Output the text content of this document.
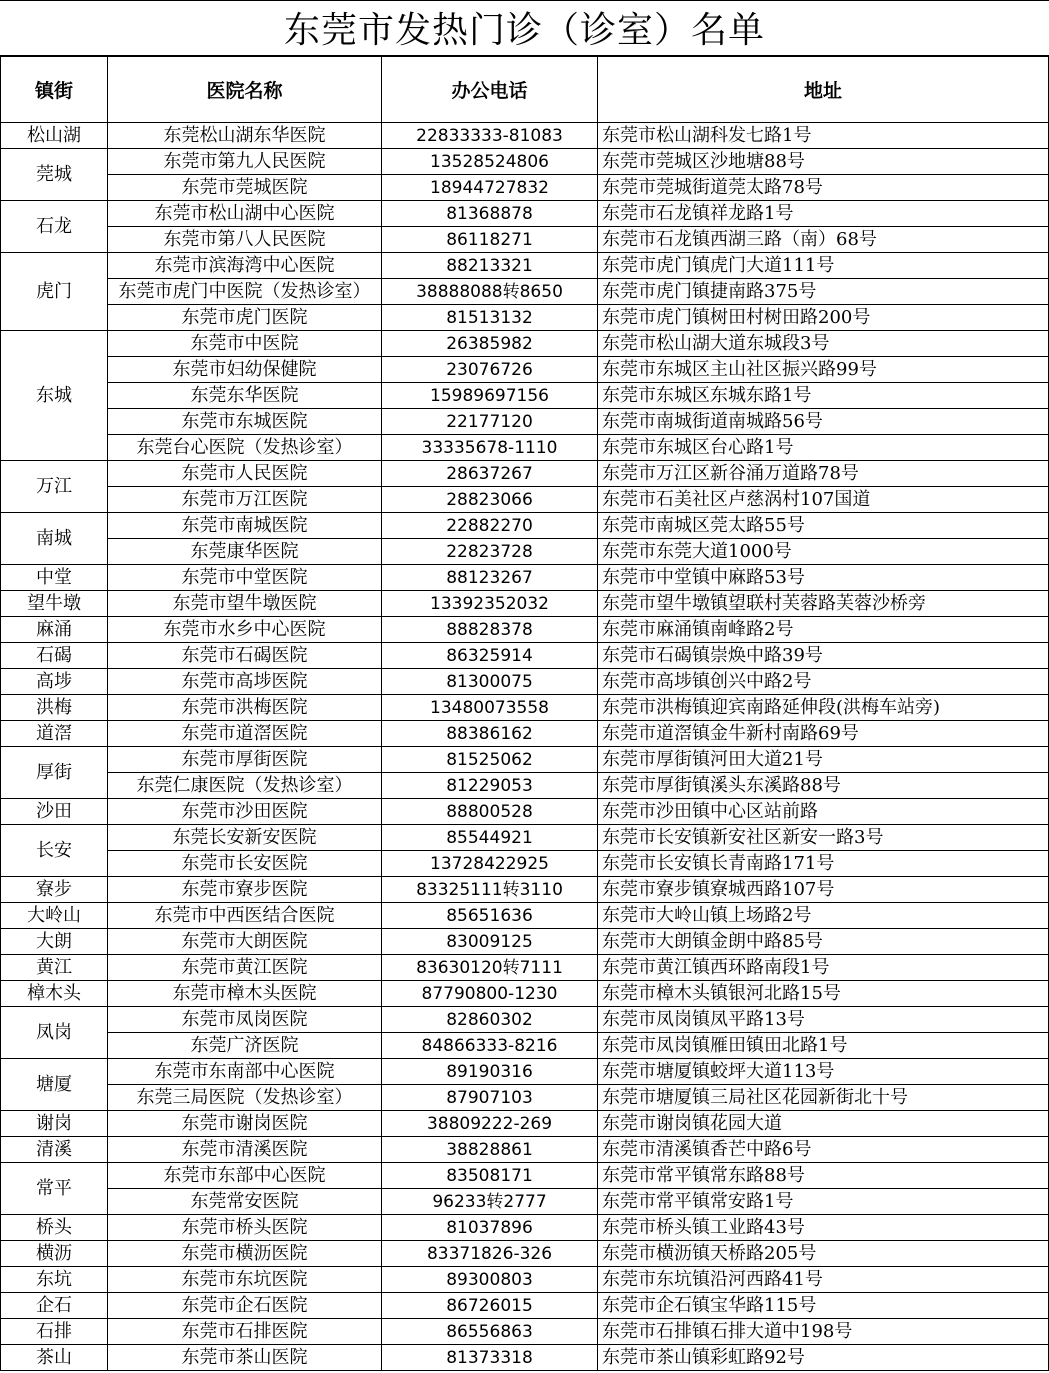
东莞市发热门诊（诊室）名单
镇街	医院名称	办公电话	地址
松山湖	东莞松山湖东华医院	22833333-81083	东莞市松山湖科发七路1号
莞城	东莞市第九人民医院	13528524806	东莞市莞城区沙地塘88号
	东莞市莞城医院	18944727832	东莞市莞城街道莞太路78号
石龙	东莞市松山湖中心医院	81368878	东莞市石龙镇祥龙路1号
	东莞市第八人民医院	86118271	东莞市石龙镇西湖三路（南）68号
虎门	东莞市滨海湾中心医院	88213321	东莞市虎门镇虎门大道111号
	东莞市虎门中医院（发热诊室）	38888088转8650	东莞市虎门镇捷南路375号
	东莞市虎门医院	81513132	东莞市虎门镇树田村树田路200号
东城	东莞市中医院	26385982	东莞市松山湖大道东城段3号
	东莞市妇幼保健院	23076726	东莞市东城区主山社区振兴路99号
	东莞东华医院	15989697156	东莞市东城区东城东路1号
	东莞市东城医院	22177120	东莞市南城街道南城路56号
	东莞台心医院（发热诊室）	33335678-1110	东莞市东城区台心路1号
万江	东莞市人民医院	28637267	东莞市万江区新谷涌万道路78号
	东莞市万江医院	28823066	东莞市石美社区卢慈涡村107国道
南城	东莞市南城医院	22882270	东莞市南城区莞太路55号
	东莞康华医院	22823728	东莞市东莞大道1000号
中堂	东莞市中堂医院	88123267	东莞市中堂镇中麻路53号
望牛墩	东莞市望牛墩医院	13392352032	东莞市望牛墩镇望联村芙蓉路芙蓉沙桥旁
麻涌	东莞市水乡中心医院	88828378	东莞市麻涌镇南峰路2号
石碣	东莞市石碣医院	86325914	东莞市石碣镇崇焕中路39号
高埗	东莞市高埗医院	81300075	东莞市高埗镇创兴中路2号
洪梅	东莞市洪梅医院	13480073558	东莞市洪梅镇迎宾南路延伸段(洪梅车站旁)
道滘	东莞市道滘医院	88386162	东莞市道滘镇金牛新村南路69号
厚街	东莞市厚街医院	81525062	东莞市厚街镇河田大道21号
	东莞仁康医院（发热诊室）	81229053	东莞市厚街镇溪头东溪路88号
沙田	东莞市沙田医院	88800528	东莞市沙田镇中心区站前路
长安	东莞长安新安医院	85544921	东莞市长安镇新安社区新安一路3号
	东莞市长安医院	13728422925	东莞市长安镇长青南路171号
寮步	东莞市寮步医院	83325111转3110	东莞市寮步镇寮城西路107号
大岭山	东莞市中西医结合医院	85651636	东莞市大岭山镇上场路2号
大朗	东莞市大朗医院	83009125	东莞市大朗镇金朗中路85号
黄江	东莞市黄江医院	83630120转7111	东莞市黄江镇西环路南段1号
樟木头	东莞市樟木头医院	87790800-1230	东莞市樟木头镇银河北路15号
凤岗	东莞市凤岗医院	82860302	东莞市凤岗镇凤平路13号
	东莞广济医院	84866333-8216	东莞市凤岗镇雁田镇田北路1号
塘厦	东莞市东南部中心医院	89190316	东莞市塘厦镇蛟坪大道113号
	东莞三局医院（发热诊室）	87907103	东莞市塘厦镇三局社区花园新街北十号
谢岗	东莞市谢岗医院	38809222-269	东莞市谢岗镇花园大道
清溪	东莞市清溪医院	38828861	东莞市清溪镇香芒中路6号
常平	东莞市东部中心医院	83508171	东莞市常平镇常东路88号
	东莞常安医院	96233转2777	东莞市常平镇常安路1号
桥头	东莞市桥头医院	81037896	东莞市桥头镇工业路43号
横沥	东莞市横沥医院	83371826-326	东莞市横沥镇天桥路205号
东坑	东莞市东坑医院	89300803	东莞市东坑镇沿河西路41号
企石	东莞市企石医院	86726015	东莞市企石镇宝华路115号
石排	东莞市石排医院	86556863	东莞市石排镇石排大道中198号
茶山	东莞市茶山医院	81373318	东莞市茶山镇彩虹路92号
